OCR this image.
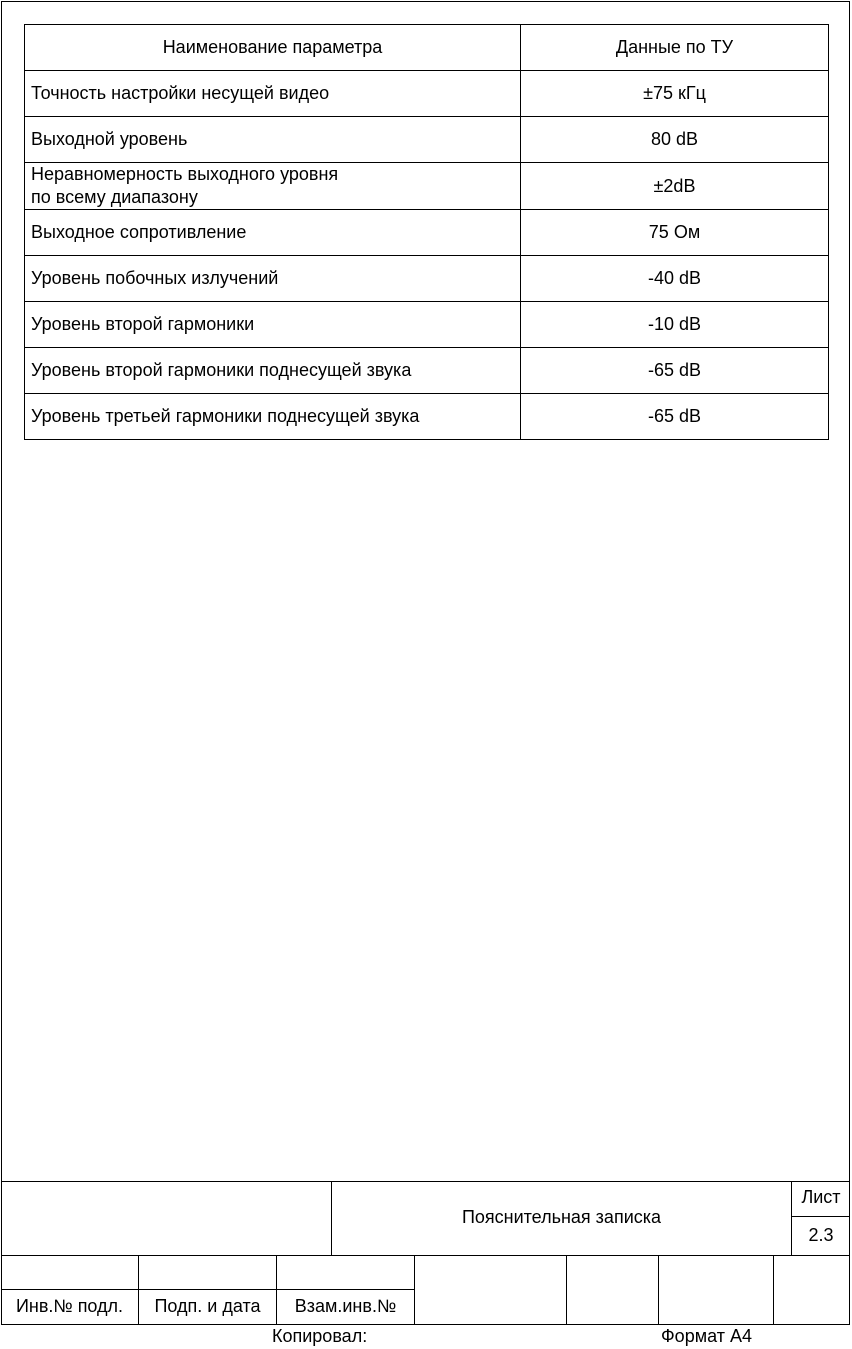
Наименование параметра	Данные по ТУ
Точность настройки несущей видео	±75 кГц
Выходной уровень	80 dB
Неравномерность выходного уровня
по всему диапазону	±2dB
Выходное сопротивление	75 Ом
Уровень побочных излучений	-40 dB
Уровень второй гармоники	-10 dB
Уровень второй гармоники поднесущей звука	-65 dB
Уровень третьей гармоники поднесущей звука	-65 dB
Пояснительная записка
Лист
2.3
Инв.№ подл.	Подп. и дата	Взам.инв.№
Копировал:	Формат А4
